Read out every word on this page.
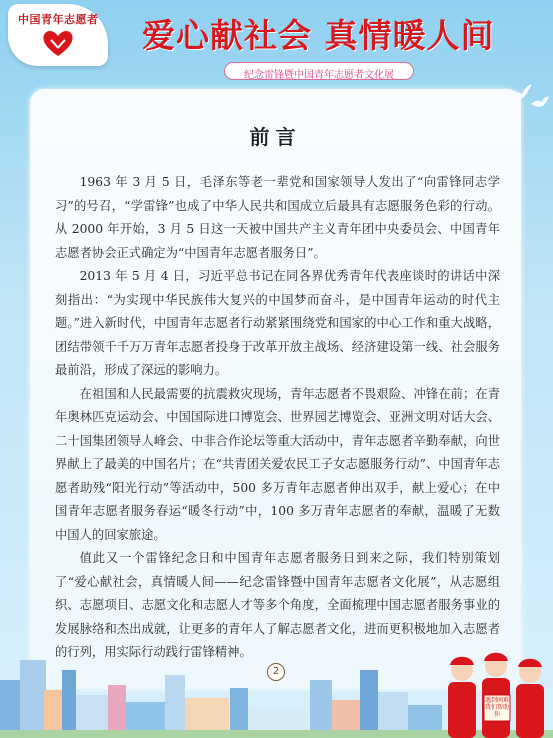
中国青年志愿者 爱心献社会 真情暖人间
纪念雷锋暨中国青年志愿者文化展
前言

1963 年 3 月 5 日，毛泽东等老一辈党和国家领导人发出了“向雷锋同志学习”的号召，“学雷锋”也成了中华人民共和国成立后最具有志愿服务色彩的行动。从 2000 年开始，3 月 5 日这一天被中国共产主义青年团中央委员会、中国青年志愿者协会正式确定为“中国青年志愿者服务日”。

2013 年 5 月 4 日，习近平总书记在同各界优秀青年代表座谈时的讲话中深刻指出：“为实现中华民族伟大复兴的中国梦而奋斗，是中国青年运动的时代主题。”进入新时代，中国青年志愿者行动紧紧围绕党和国家的中心工作和重大战略，团结带领千千万万青年志愿者投身于改革开放主战场、经济建设第一线、社会服务最前沿，形成了深远的影响力。

在祖国和人民最需要的抗震救灾现场，青年志愿者不畏艰险、冲锋在前；在青年奥林匹克运动会、中国国际进口博览会、世界园艺博览会、亚洲文明对话大会、二十国集团领导人峰会、中非合作论坛等重大活动中，青年志愿者辛勤奉献，向世界献上了最美的中国名片；在“共青团关爱农民工子女志愿服务行动”、中国青年志愿者助残“阳光行动”等活动中，500 多万青年志愿者伸出双手，献上爱心；在中国青年志愿者服务春运“暖冬行动”中，100 多万青年志愿者的奉献，温暖了无数中国人的回家旅途。

值此又一个雷锋纪念日和中国青年志愿者服务日到来之际，我们特别策划了“爱心献社会，真情暖人间——纪念雷锋暨中国青年志愿者文化展”，从志愿组织、志愿项目、志愿文化和志愿人才等多个角度，全面梳理中国志愿者服务事业的发展脉络和杰出成就，让更多的青年人了解志愿者文化，进而更积极地加入志愿者的行列，用实际行动践行雷锋精神。

2
遇到困难 我们帮助你
